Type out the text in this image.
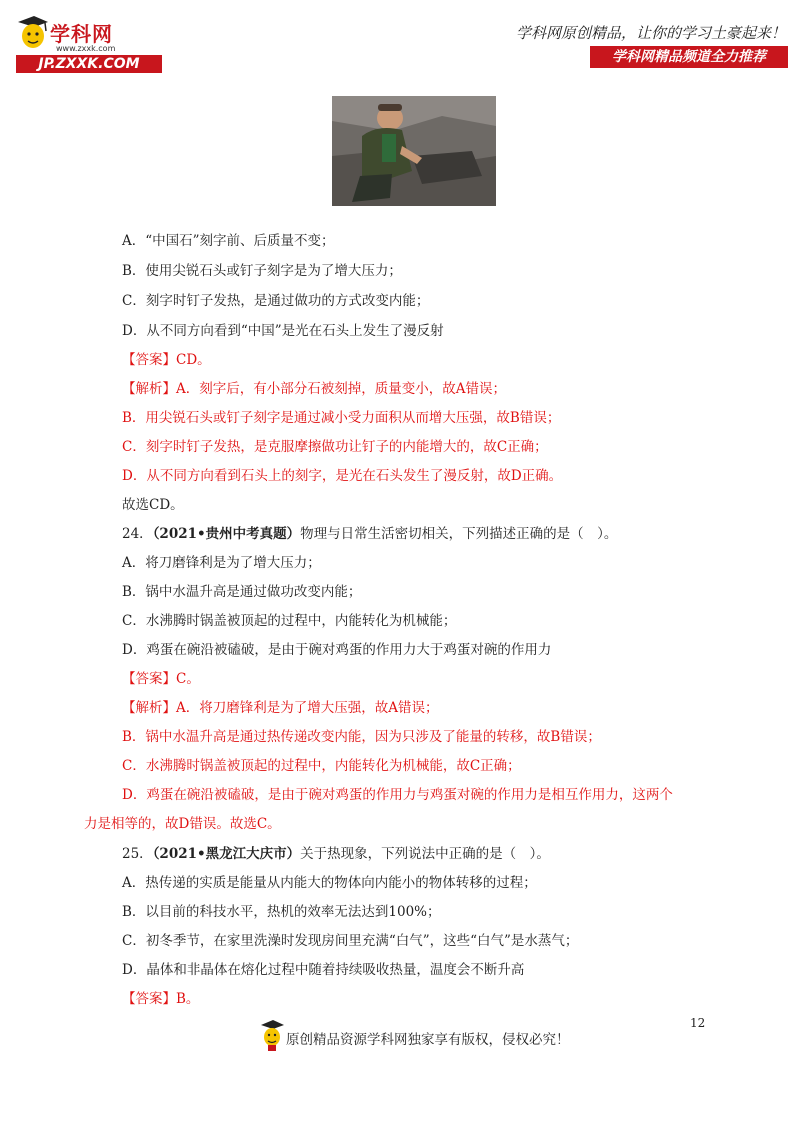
学科网
www.zxxk.com
JP.ZXXK.COM
学科网原创精品，让你的学习土豪起来！
学科网精品频道全力推荐
A．“中国石”刻字前、后质量不变；
B．使用尖锐石头或钉子刻字是为了增大压力；
C．刻字时钉子发热，是通过做功的方式改变内能；
D．从不同方向看到“中国”是光在石头上发生了漫反射
【答案】CD。
【解析】A．刻字后，有小部分石被刻掉，质量变小，故A错误；
B．用尖锐石头或钉子刻字是通过减小受力面积从而增大压强，故B错误；
C．刻字时钉子发热，是克服摩擦做功让钉子的内能增大的，故C正确；
D．从不同方向看到石头上的刻字，是光在石头发生了漫反射，故D正确。
故选CD。
24．（2021•贵州中考真题）物理与日常生活密切相关，下列描述正确的是（　）。
A．将刀磨锋利是为了增大压力；
B．锅中水温升高是通过做功改变内能；
C．水沸腾时锅盖被顶起的过程中，内能转化为机械能；
D．鸡蛋在碗沿被磕破，是由于碗对鸡蛋的作用力大于鸡蛋对碗的作用力
【答案】C。
【解析】A．将刀磨锋利是为了增大压强，故A错误；
B．锅中水温升高是通过热传递改变内能，因为只涉及了能量的转移，故B错误；
C．水沸腾时锅盖被顶起的过程中，内能转化为机械能，故C正确；
D．鸡蛋在碗沿被磕破，是由于碗对鸡蛋的作用力与鸡蛋对碗的作用力是相互作用力，这两个
力是相等的，故D错误。故选C。
25．（2021•黑龙江大庆市）关于热现象，下列说法中正确的是（　）。
A．热传递的实质是能量从内能大的物体向内能小的物体转移的过程；
B．以目前的科技水平，热机的效率无法达到100%；
C．初冬季节，在家里洗澡时发现房间里充满“白气”，这些“白气”是水蒸气；
D．晶体和非晶体在熔化过程中随着持续吸收热量，温度会不断升高
【答案】B。
12
原创精品资源学科网独家享有版权，侵权必究！
